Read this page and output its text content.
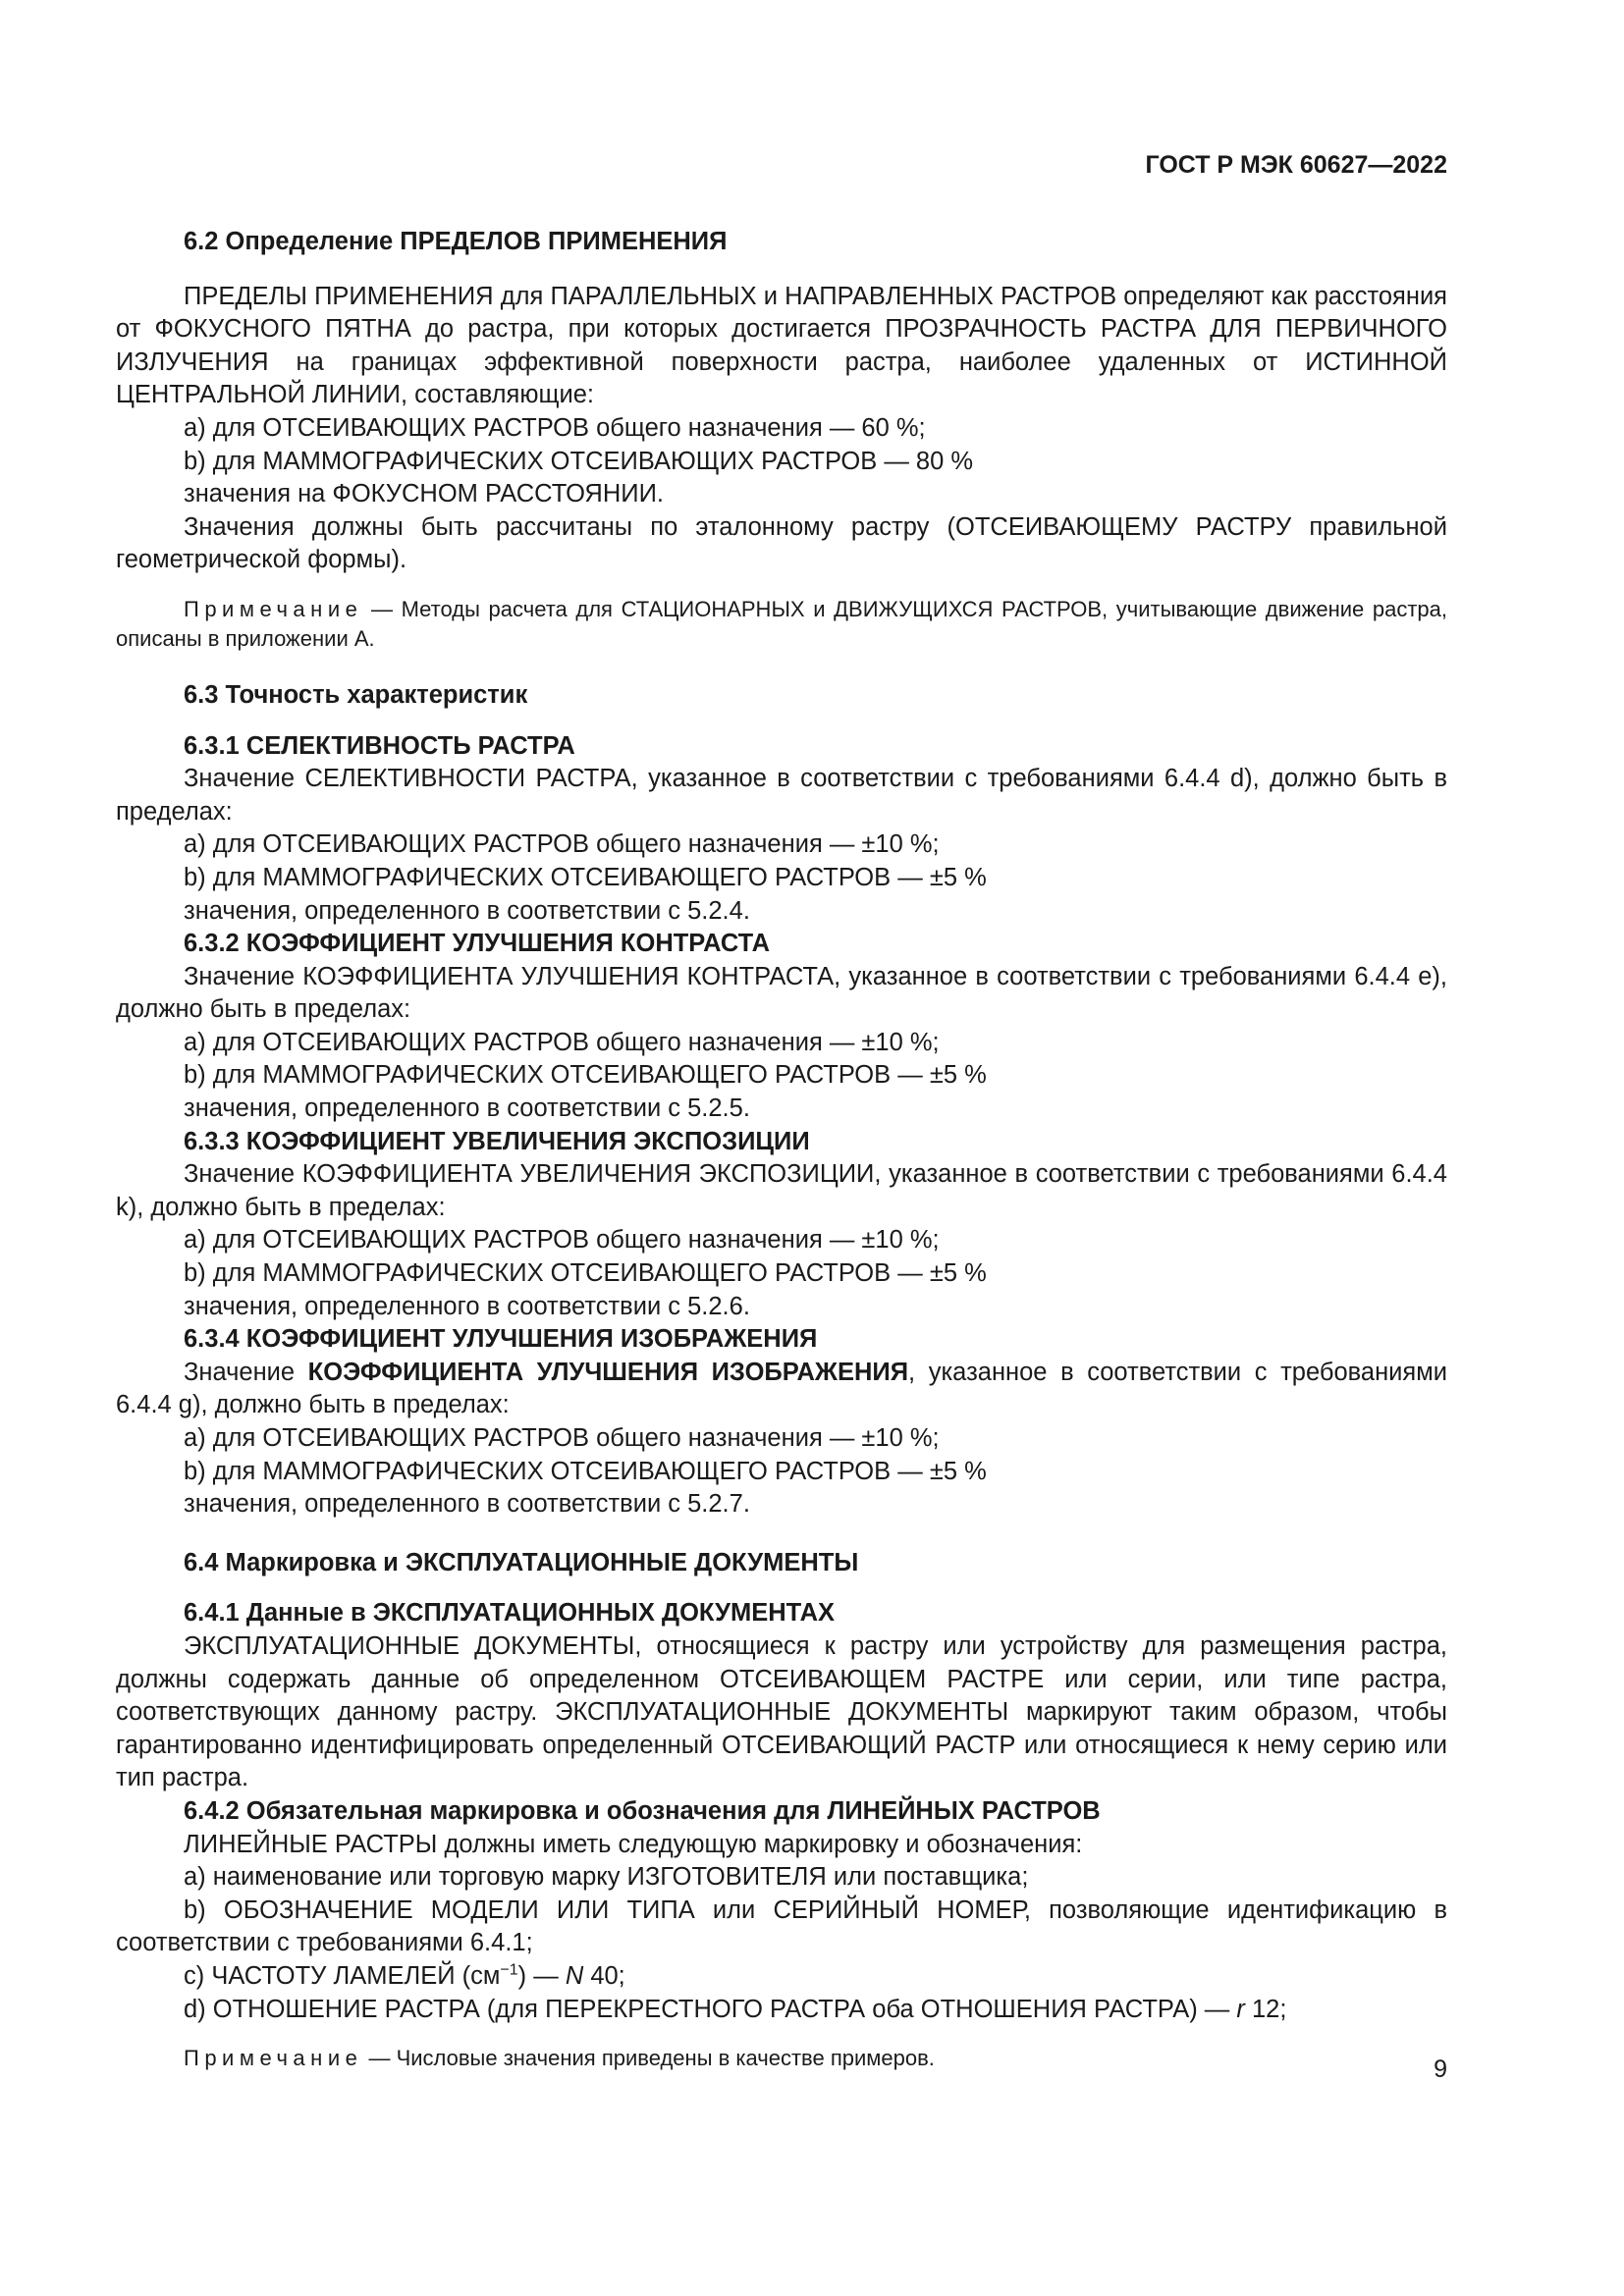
ГОСТ Р МЭК 60627—2022

6.2 Определение ПРЕДЕЛОВ ПРИМЕНЕНИЯ

ПРЕДЕЛЫ ПРИМЕНЕНИЯ для ПАРАЛЛЕЛЬНЫХ и НАПРАВЛЕННЫХ РАСТРОВ определяют как расстояния от ФОКУСНОГО ПЯТНА до растра, при которых достигается ПРОЗРАЧНОСТЬ РАСТРА ДЛЯ ПЕРВИЧНОГО ИЗЛУЧЕНИЯ на границах эффективной поверхности растра, наиболее удаленных от ИСТИННОЙ ЦЕНТРАЛЬНОЙ ЛИНИИ, составляющие:

a) для ОТСЕИВАЮЩИХ РАСТРОВ общего назначения — 60 %;

b) для МАММОГРАФИЧЕСКИХ ОТСЕИВАЮЩИХ РАСТРОВ — 80 %

значения на ФОКУСНОМ РАССТОЯНИИ.

Значения должны быть рассчитаны по эталонному растру (ОТСЕИВАЮЩЕМУ РАСТРУ правильной геометрической формы).

Примечание — Методы расчета для СТАЦИОНАРНЫХ и ДВИЖУЩИХСЯ РАСТРОВ, учитывающие движение растра, описаны в приложении А.

6.3 Точность характеристик

6.3.1 СЕЛЕКТИВНОСТЬ РАСТРА

Значение СЕЛЕКТИВНОСТИ РАСТРА, указанное в соответствии с требованиями 6.4.4 d), должно быть в пределах:

a) для ОТСЕИВАЮЩИХ РАСТРОВ общего назначения — ±10 %;

b) для МАММОГРАФИЧЕСКИХ ОТСЕИВАЮЩЕГО РАСТРОВ — ±5 %

значения, определенного в соответствии с 5.2.4.

6.3.2 КОЭФФИЦИЕНТ УЛУЧШЕНИЯ КОНТРАСТА

Значение КОЭФФИЦИЕНТА УЛУЧШЕНИЯ КОНТРАСТА, указанное в соответствии с требованиями 6.4.4 e), должно быть в пределах:

a) для ОТСЕИВАЮЩИХ РАСТРОВ общего назначения — ±10 %;

b) для МАММОГРАФИЧЕСКИХ ОТСЕИВАЮЩЕГО РАСТРОВ — ±5 %

значения, определенного в соответствии с 5.2.5.

6.3.3 КОЭФФИЦИЕНТ УВЕЛИЧЕНИЯ ЭКСПОЗИЦИИ

Значение КОЭФФИЦИЕНТА УВЕЛИЧЕНИЯ ЭКСПОЗИЦИИ, указанное в соответствии с требованиями 6.4.4 k), должно быть в пределах:

a) для ОТСЕИВАЮЩИХ РАСТРОВ общего назначения — ±10 %;

b) для МАММОГРАФИЧЕСКИХ ОТСЕИВАЮЩЕГО РАСТРОВ — ±5 %

значения, определенного в соответствии с 5.2.6.

6.3.4 КОЭФФИЦИЕНТ УЛУЧШЕНИЯ ИЗОБРАЖЕНИЯ

Значение КОЭФФИЦИЕНТА УЛУЧШЕНИЯ ИЗОБРАЖЕНИЯ, указанное в соответствии с требованиями 6.4.4 g), должно быть в пределах:

a) для ОТСЕИВАЮЩИХ РАСТРОВ общего назначения — ±10 %;

b) для МАММОГРАФИЧЕСКИХ ОТСЕИВАЮЩЕГО РАСТРОВ — ±5 %

значения, определенного в соответствии с 5.2.7.

6.4 Маркировка и ЭКСПЛУАТАЦИОННЫЕ ДОКУМЕНТЫ

6.4.1 Данные в ЭКСПЛУАТАЦИОННЫХ ДОКУМЕНТАХ

ЭКСПЛУАТАЦИОННЫЕ ДОКУМЕНТЫ, относящиеся к растру или устройству для размещения растра, должны содержать данные об определенном ОТСЕИВАЮЩЕМ РАСТРЕ или серии, или типе растра, соответствующих данному растру. ЭКСПЛУАТАЦИОННЫЕ ДОКУМЕНТЫ маркируют таким образом, чтобы гарантированно идентифицировать определенный ОТСЕИВАЮЩИЙ РАСТР или относящиеся к нему серию или тип растра.

6.4.2 Обязательная маркировка и обозначения для ЛИНЕЙНЫХ РАСТРОВ

ЛИНЕЙНЫЕ РАСТРЫ должны иметь следующую маркировку и обозначения:

a) наименование или торговую марку ИЗГОТОВИТЕЛЯ или поставщика;

b) ОБОЗНАЧЕНИЕ МОДЕЛИ ИЛИ ТИПА или СЕРИЙНЫЙ НОМЕР, позволяющие идентификацию в соответствии с требованиями 6.4.1;

c) ЧАСТОТУ ЛАМЕЛЕЙ $(см^{-1})$ — N 40;

d) ОТНОШЕНИЕ РАСТРА (для ПЕРЕКРЕСТНОГО РАСТРА оба ОТНОШЕНИЯ РАСТРА) — r 12;

Примечание — Числовые значения приведены в качестве примеров.	9
